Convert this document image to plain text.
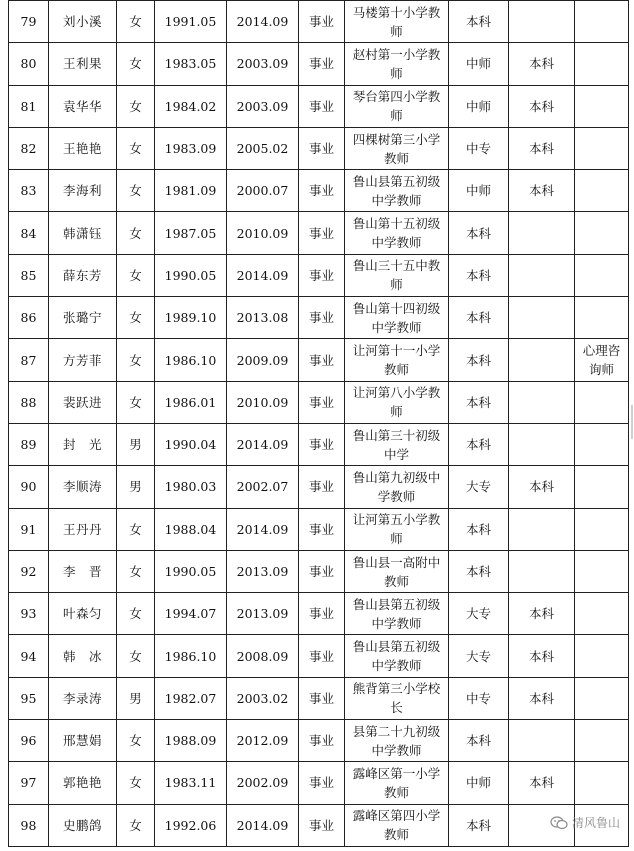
79	刘小溪	女	1991.05	2014.09	事业	马楼第十小学教师	本科		
80	王利果	女	1983.05	2003.09	事业	赵村第一小学教师	中师	本科	
81	袁华华	女	1984.02	2003.09	事业	琴台第四小学教师	中师	本科	
82	王艳艳	女	1983.09	2005.02	事业	四棵树第三小学教师	中专	本科	
83	李海利	女	1981.09	2000.07	事业	鲁山县第五初级中学教师	中师	本科	
84	韩潇钰	女	1987.05	2010.09	事业	鲁山第十五初级中学教师	本科		
85	薛东芳	女	1990.05	2014.09	事业	鲁山三十五中教师	本科		
86	张璐宁	女	1989.10	2013.08	事业	鲁山第十四初级中学教师	本科		
87	方芳菲	女	1986.10	2009.09	事业	让河第十一小学教师	本科		心理咨询师
88	裴跃进	女	1986.01	2010.09	事业	让河第八小学教师	本科		
89	封　光	男	1990.04	2014.09	事业	鲁山第三十初级中学	本科		
90	李顺涛	男	1980.03	2002.07	事业	鲁山第九初级中学教师	大专	本科	
91	王丹丹	女	1988.04	2014.09	事业	让河第五小学教师	本科		
92	李　晋	女	1990.05	2013.09	事业	鲁山县一高附中 教师	本科		
93	叶森匀	女	1994.07	2013.09	事业	鲁山县第五初级中学教师	大专	本科	
94	韩　冰	女	1986.10	2008.09	事业	鲁山县第五初级中学教师	大专	本科	
95	李录涛	男	1982.07	2003.02	事业	熊背第三小学校长	中专	本科	
96	邢慧娟	女	1988.09	2012.09	事业	县第二十九初级中学教师	本科		
97	郭艳艳	女	1983.11	2002.09	事业	露峰区第一小学教师	中师	本科	
98	史鹏鸽	女	1992.06	2014.09	事业	露峰区第四小学教师	本科			清风鲁山
